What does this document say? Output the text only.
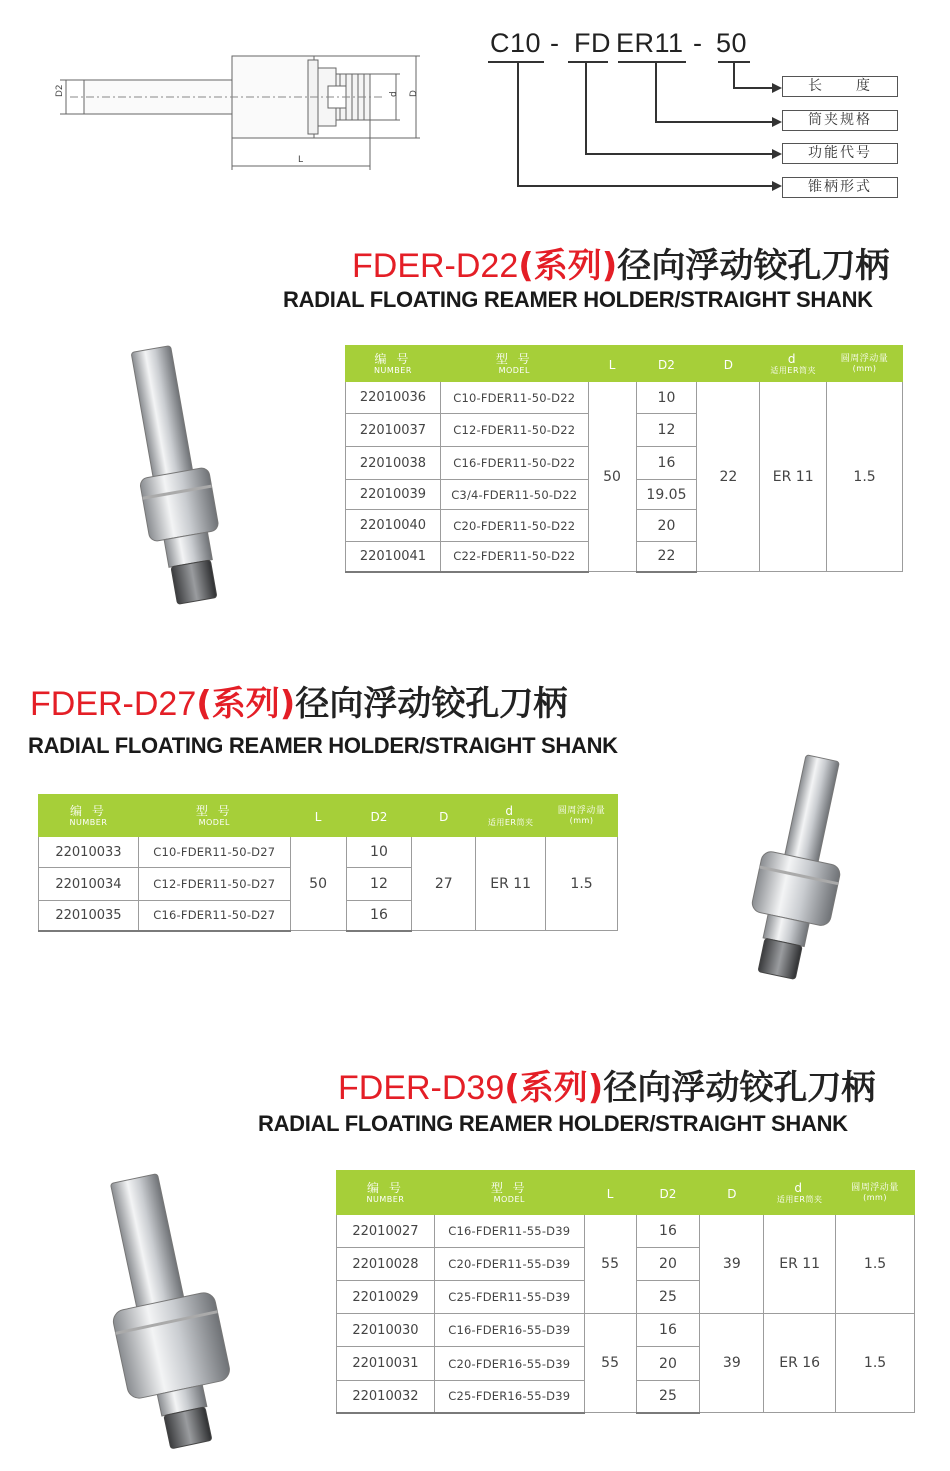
D2	d D
L
C10 - FD ER11 - 50
长　　度
筒夹规格
功能代号
锥柄形式
FDER-D22(系列)径向浮动铰孔刀柄
RADIAL FLOATING REAMER HOLDER/STRAIGHT SHANK
编 号
NUMBER	型 号
MODEL	L	D2	D	d
适用ER筒夹	圆周浮动量
(mm)

22010036	C10-FDER11-50-D22	50	10	22	ER 11	1.5
22010037	C12-FDER11-50-D22		12			
22010038	C16-FDER11-50-D22		16			
22010039	C3/4-FDER11-50-D22		19.05			
22010040	C20-FDER11-50-D22		20			
22010041	C22-FDER11-50-D22		22			
FDER-D27(系列)径向浮动铰孔刀柄
RADIAL FLOATING REAMER HOLDER/STRAIGHT SHANK
编 号
NUMBER	型 号
MODEL	L	D2	D	d
适用ER筒夹	圆周浮动量
(mm)

22010033	C10-FDER11-50-D27	50	10	27	ER 11	1.5
22010034	C12-FDER11-50-D27		12			
22010035	C16-FDER11-50-D27		16			
FDER-D39(系列)径向浮动铰孔刀柄
RADIAL FLOATING REAMER HOLDER/STRAIGHT SHANK
编 号
NUMBER	型 号
MODEL	L	D2	D	d
适用ER筒夹	圆周浮动量
(mm)

22010027	C16-FDER11-55-D39	55	16	39	ER 11	1.5
22010028	C20-FDER11-55-D39		20			
22010029	C25-FDER11-55-D39		25			
22010030	C16-FDER16-55-D39	55	16	39	ER 16	1.5
22010031	C20-FDER16-55-D39		20			
22010032	C25-FDER16-55-D39		25			
